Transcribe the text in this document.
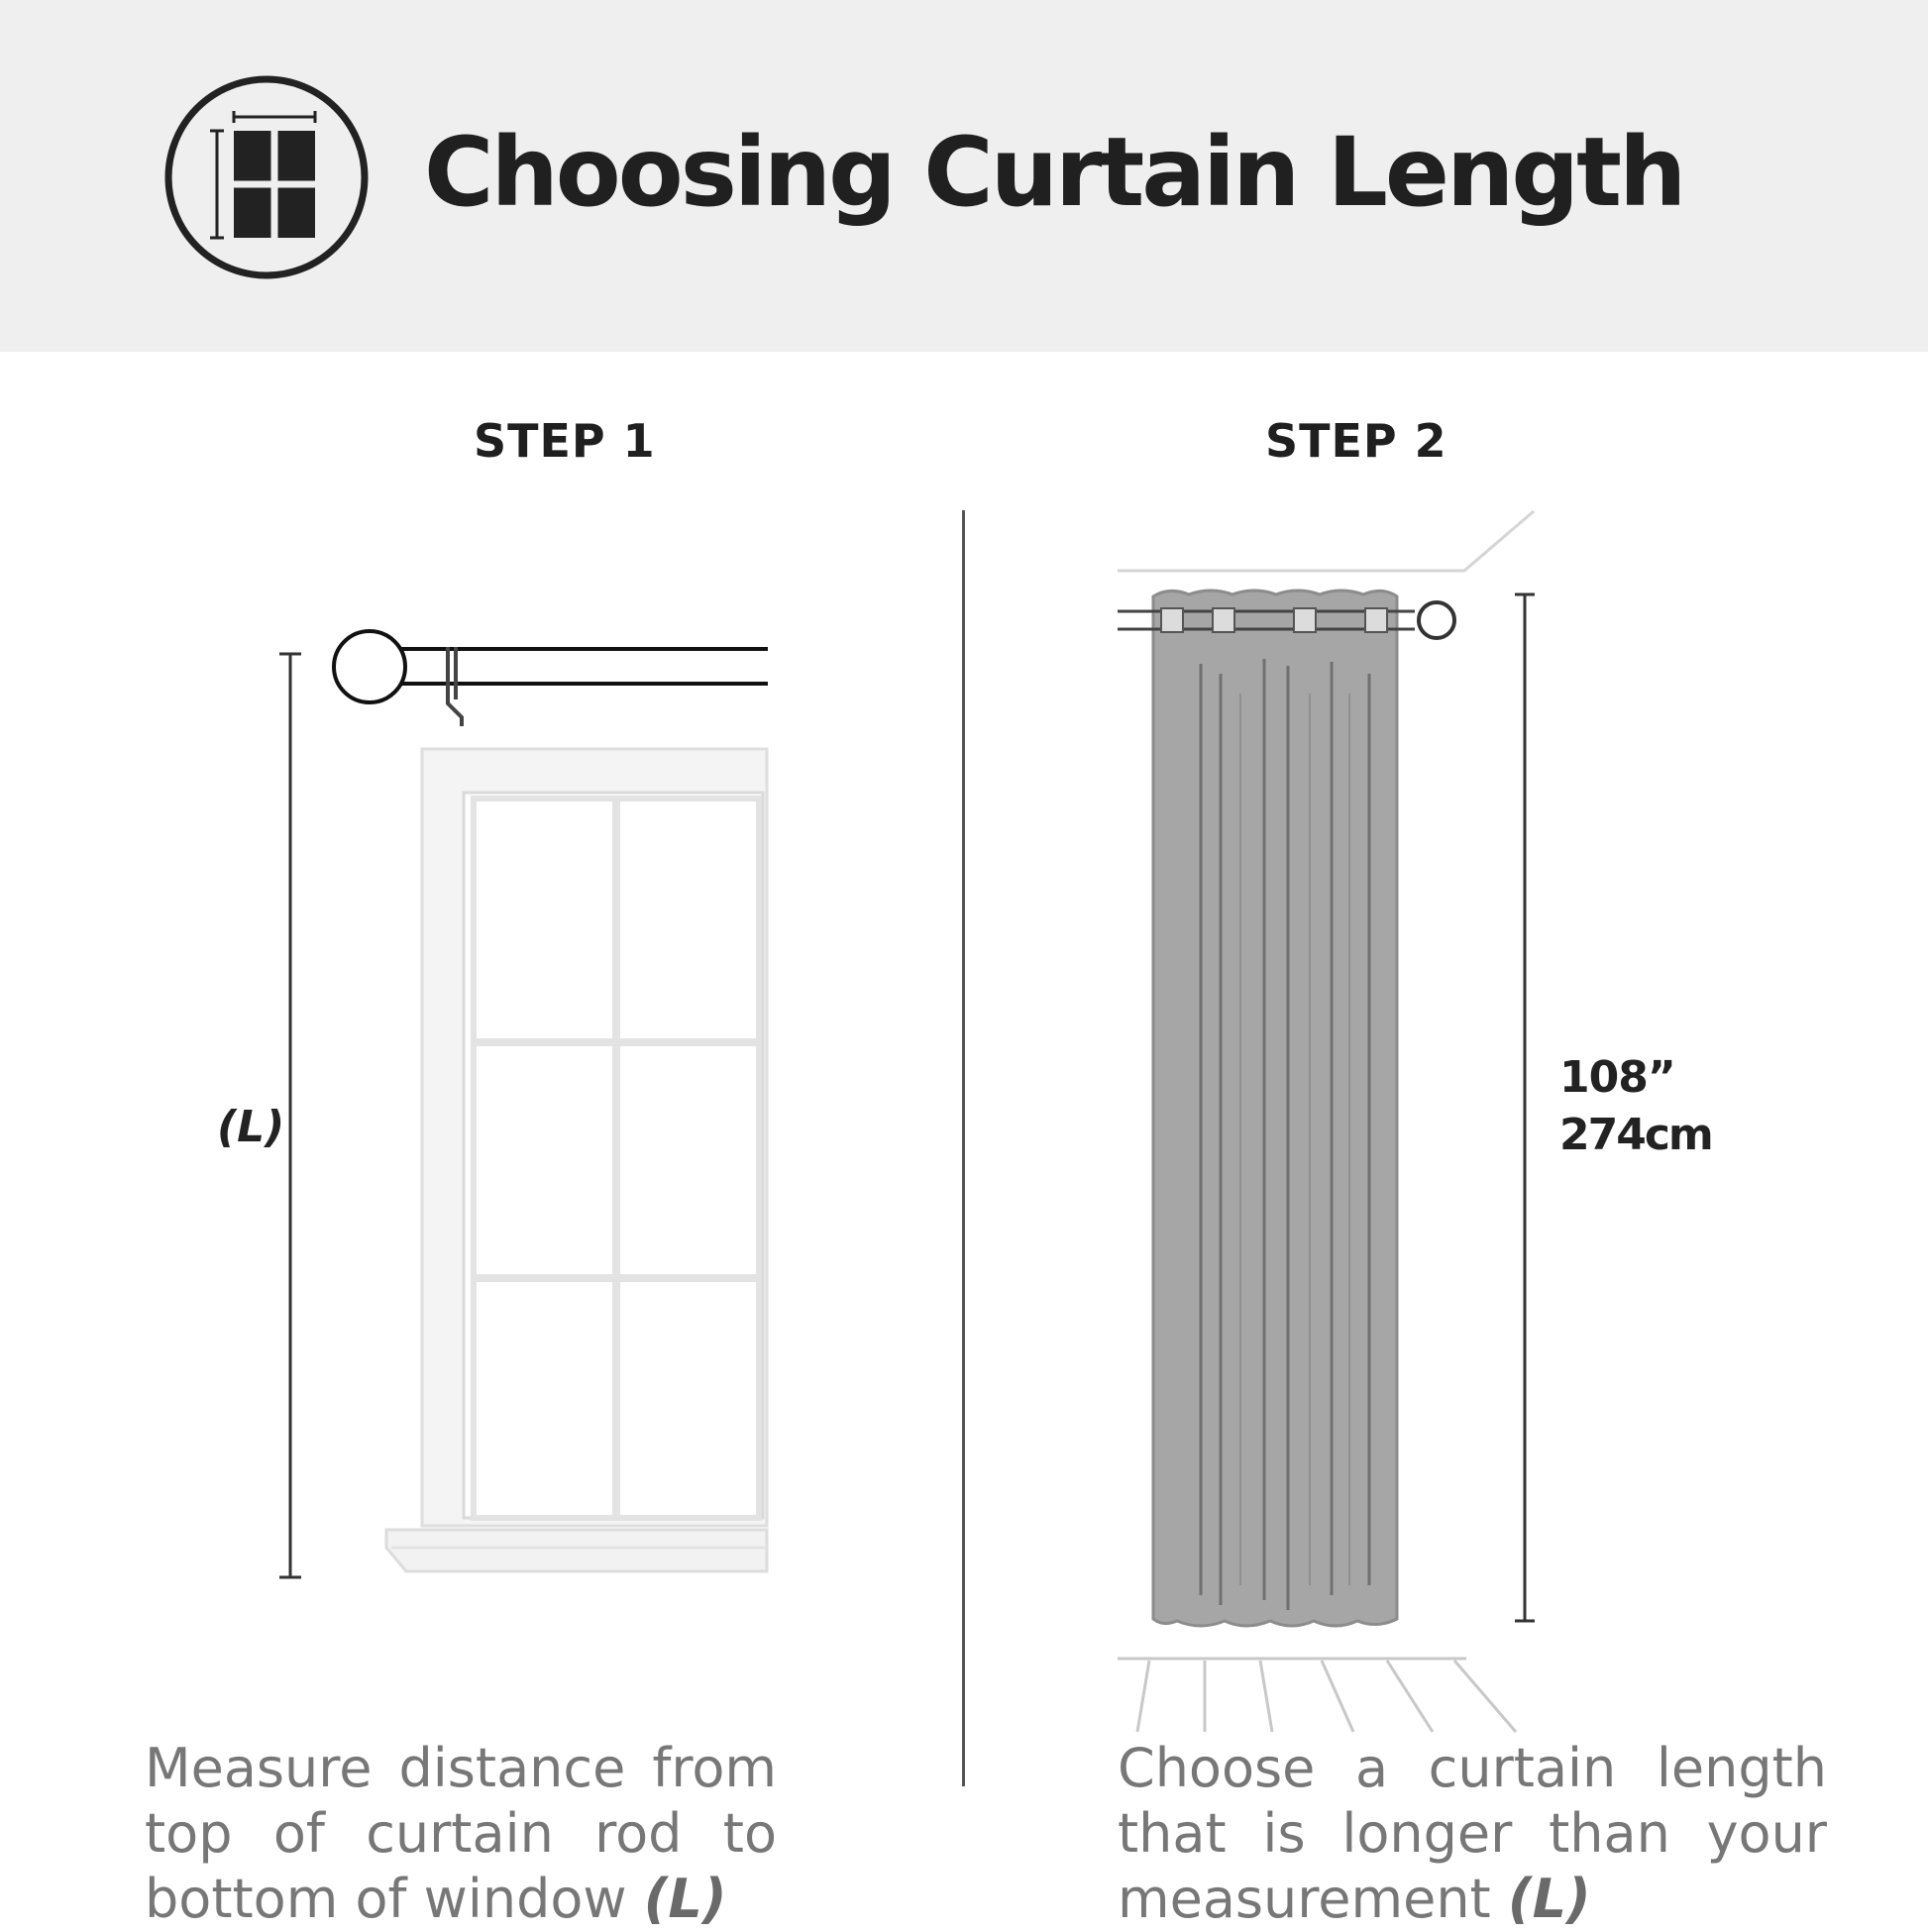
Choosing Curtain Length
STEP 1	STEP 2
(L)
108”
274cm
Measure distance from
top of curtain rod to
bottom of window (L)
Choose a curtain length
that is longer than your
measurement (L)
